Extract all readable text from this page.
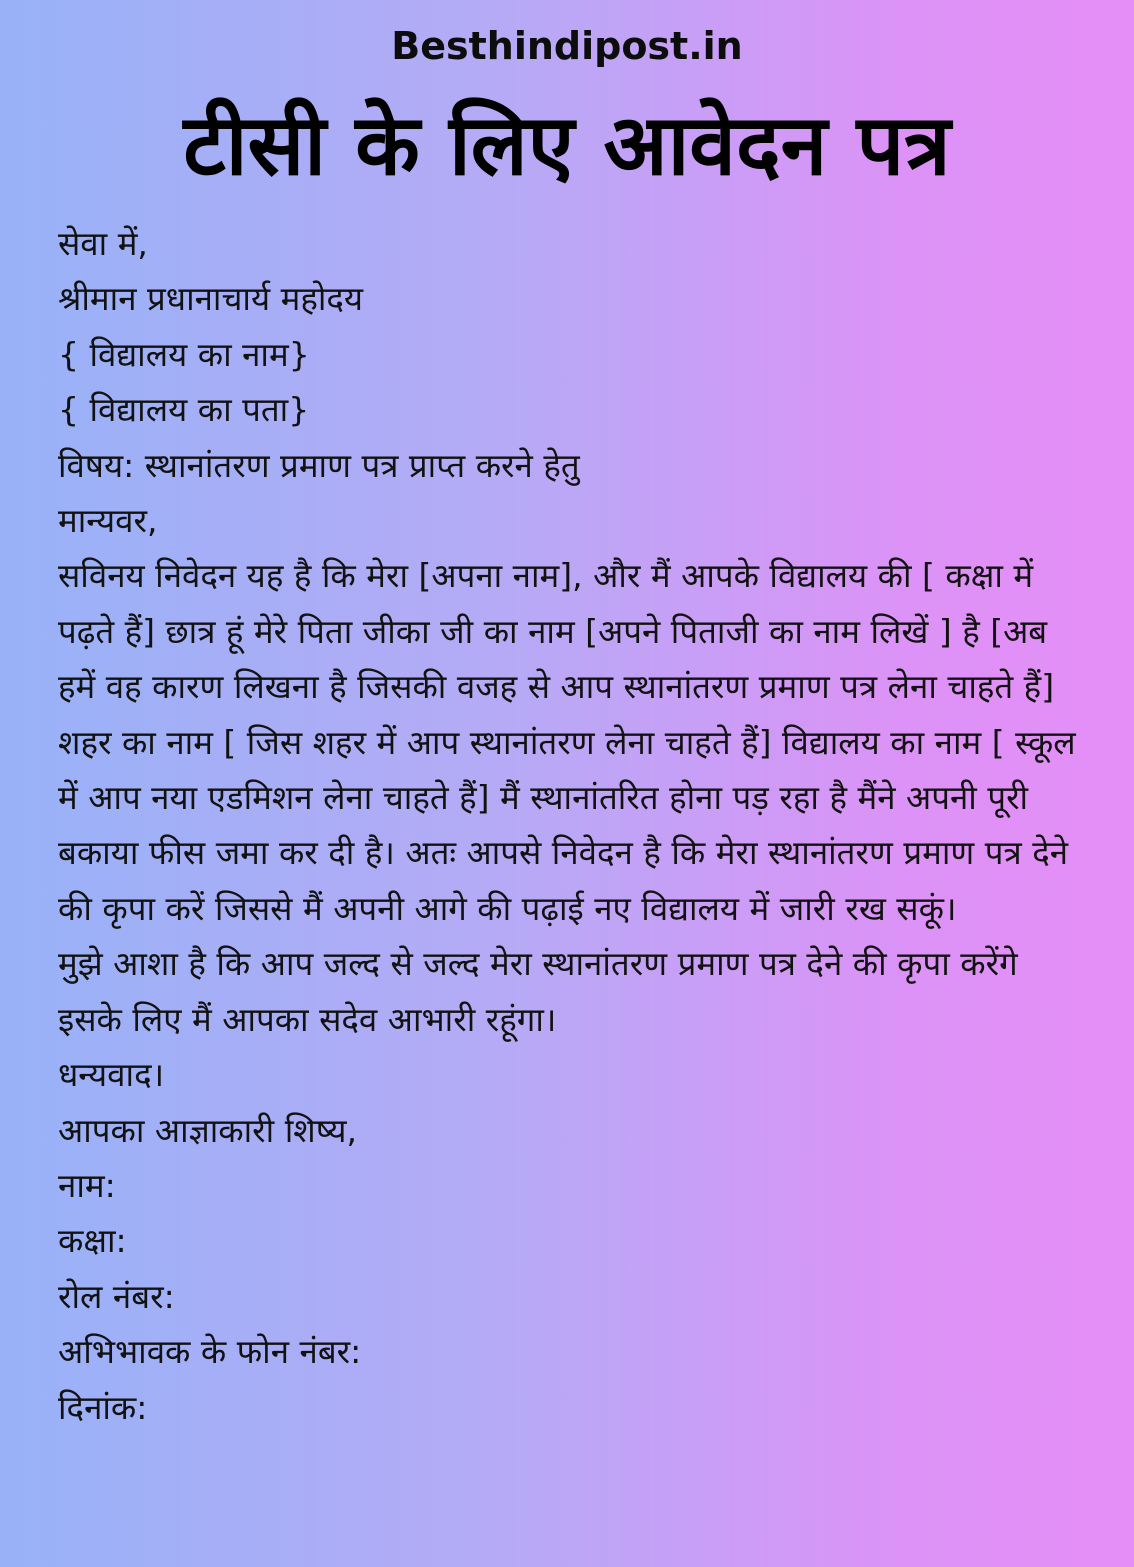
Besthindipost.in
टीसी के लिए आवेदन पत्र
सेवा में,
श्रीमान प्रधानाचार्य महोदय
{ विद्यालय का नाम}
{ विद्यालय का पता}
विषय: स्थानांतरण प्रमाण पत्र प्राप्त करने हेतु
मान्यवर,
सविनय निवेदन यह है कि मेरा [अपना नाम], और मैं आपके विद्यालय की [ कक्षा में पढ़ते हैं] छात्र हूं मेरे पिता जीका जी का नाम [अपने पिताजी का नाम लिखें ] है [अब हमें वह कारण लिखना है जिसकी वजह से आप स्थानांतरण प्रमाण पत्र लेना चाहते हैं] शहर का नाम [ जिस शहर में आप स्थानांतरण लेना चाहते हैं] विद्यालय का नाम [ स्कूल में आप नया एडमिशन लेना चाहते हैं] मैं स्थानांतरित होना पड़ रहा है मैंने अपनी पूरी बकाया फीस जमा कर दी है। अतः आपसे निवेदन है कि मेरा स्थानांतरण प्रमाण पत्र देने की कृपा करें जिससे मैं अपनी आगे की पढ़ाई नए विद्यालय में जारी रख सकूं।
मुझे आशा है कि आप जल्द से जल्द मेरा स्थानांतरण प्रमाण पत्र देने की कृपा करेंगे इसके लिए मैं आपका सदेव आभारी रहूंगा।
धन्यवाद।
आपका आज्ञाकारी शिष्य,
नाम:
कक्षा:
रोल नंबर:
अभिभावक के फोन नंबर:
दिनांक:
